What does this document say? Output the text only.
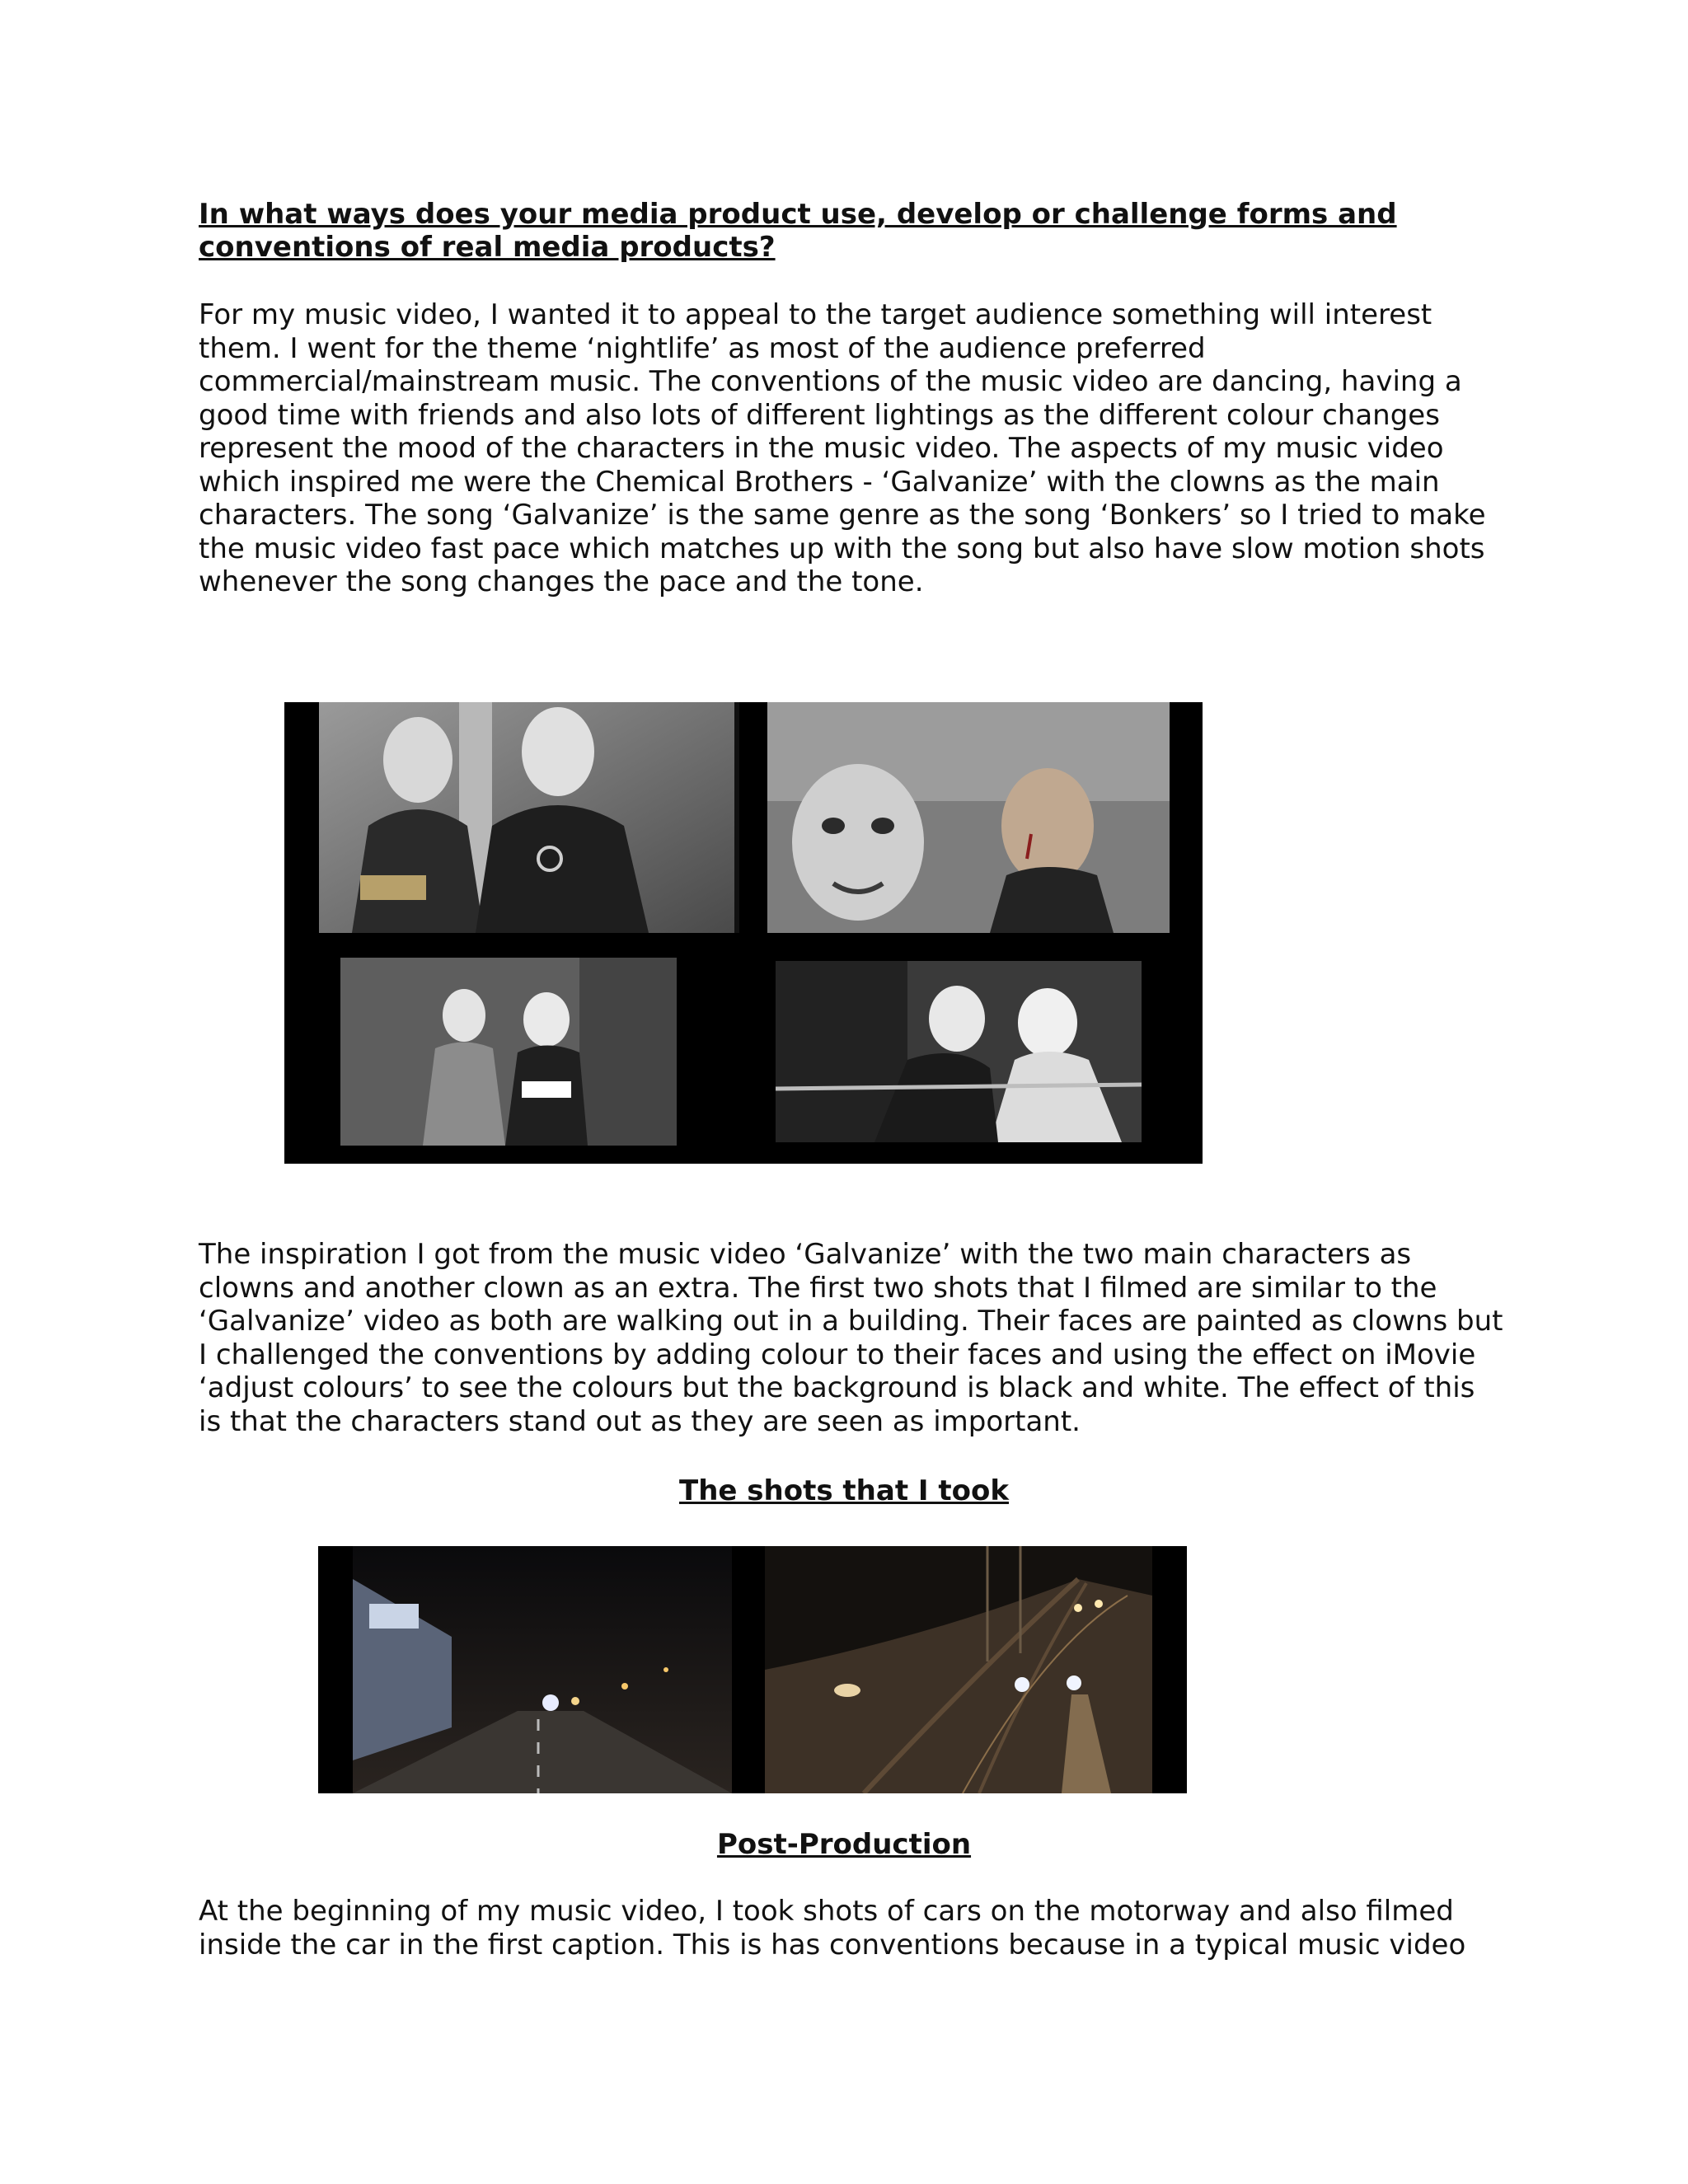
In what ways does your media product use, develop or challenge forms and
conventions of real media products?

For my music video, I wanted it to appeal to the target audience something will interest
them. I went for the theme ‘nightlife’ as most of the audience preferred
commercial/mainstream music. The conventions of the music video are dancing, having a
good time with friends and also lots of different lightings as the different colour changes
represent the mood of the characters in the music video. The aspects of my music video
which inspired me were the Chemical Brothers - ‘Galvanize’ with the clowns as the main
characters. The song ‘Galvanize’ is the same genre as the song ‘Bonkers’ so I tried to make
the music video fast pace which matches up with the song but also have slow motion shots
whenever the song changes the pace and the tone.

The inspiration I got from the music video ‘Galvanize’ with the two main characters as
clowns and another clown as an extra. The first two shots that I filmed are similar to the
‘Galvanize’ video as both are walking out in a building. Their faces are painted as clowns but
I challenged the conventions by adding colour to their faces and using the effect on iMovie
‘adjust colours’ to see the colours but the background is black and white. The effect of this
is that the characters stand out as they are seen as important.

The shots that I took
Post-Production

At the beginning of my music video, I took shots of cars on the motorway and also filmed
inside the car in the first caption. This is has conventions because in a typical music video
